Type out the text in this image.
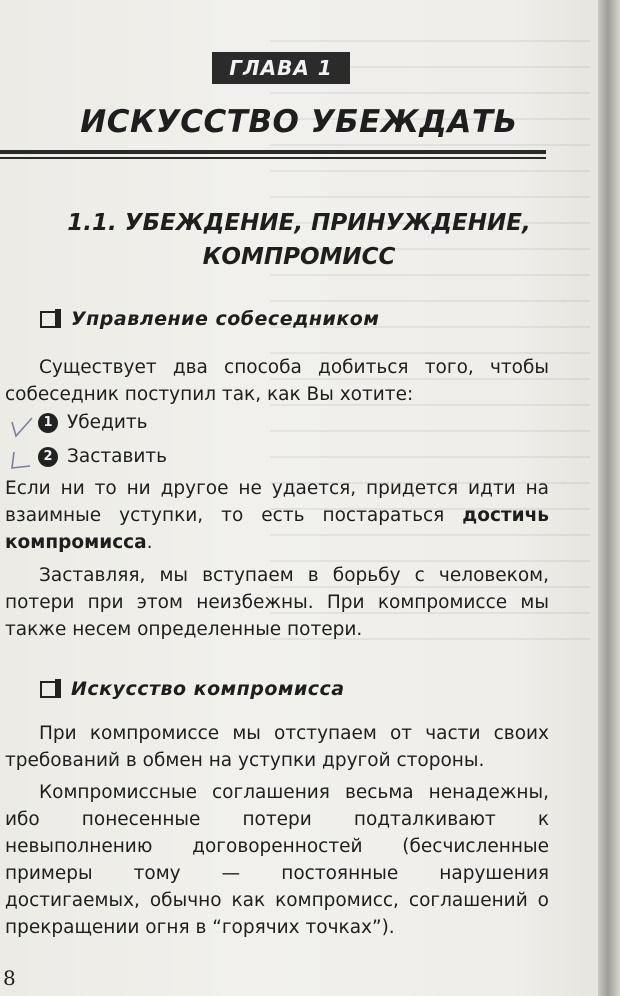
ГЛАВА 1
ИСКУССТВО УБЕЖДАТЬ
1.1. УБЕЖДЕНИЕ, ПРИНУЖДЕНИЕ,
КОМПРОМИСС
Управление собеседником

Существует два способа добиться того, чтобы собеседник поступил так, как Вы хотите:

1 Убедить
2 Заставить

Если ни то ни другое не удается, придется идти на взаимные уступки, то есть постараться достичь компромисса.

Заставляя, мы вступаем в борьбу с человеком, потери при этом неизбежны. При компромиссе мы также несем определенные потери.

Искусство компромисса

При компромиссе мы отступаем от части своих требований в обмен на уступки другой стороны.

Компромиссные соглашения весьма ненадежны, ибо понесенные потери подталкивают к невыполнению договоренностей (бесчисленные примеры тому — постоянные нарушения достигаемых, обычно как компромисс, соглашений о прекращении огня в “горячих точках”).

8
